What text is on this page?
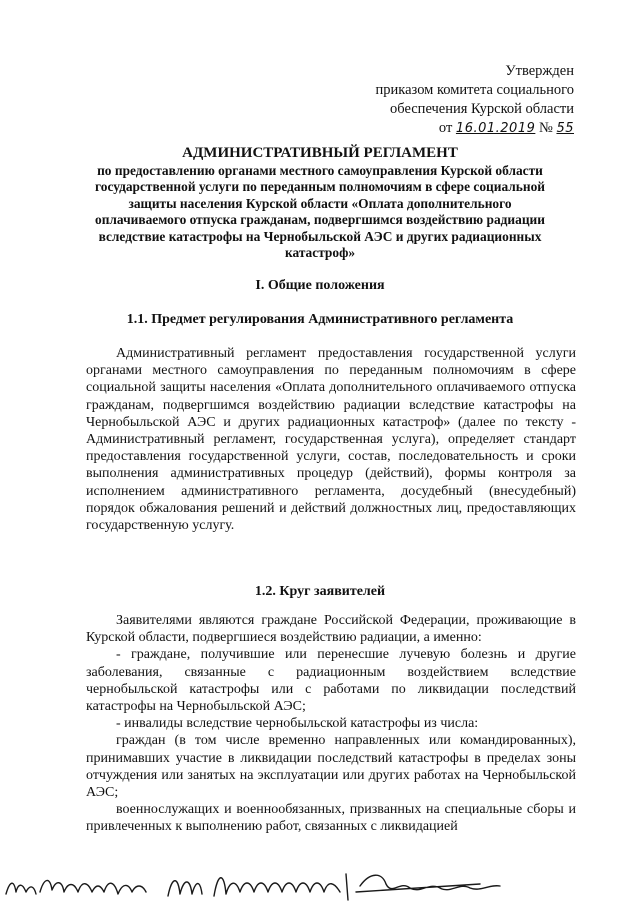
Утвержден
приказом комитета социального
обеспечения Курской области
от 16.01.2019 № 55
АДМИНИСТРАТИВНЫЙ РЕГЛАМЕНТ
по предоставлению органами местного самоуправления Курской области государственной услуги по переданным полномочиям в сфере социальной защиты населения Курской области «Оплата дополнительного оплачиваемого отпуска гражданам, подвергшимся воздействию радиации вследствие катастрофы на Чернобыльской АЭС и других радиационных катастроф»
I. Общие положения
1.1. Предмет регулирования Административного регламента

Административный регламент предоставления государственной услуги органами местного самоуправления по переданным полномочиям в сфере социальной защиты населения «Оплата дополнительного оплачиваемого отпуска гражданам, подвергшимся воздействию радиации вследствие катастрофы на Чернобыльской АЭС и других радиационных катастроф» (далее по тексту - Административный регламент, государственная услуга), определяет стандарт предоставления государственной услуги, состав, последовательность и сроки выполнения административных процедур (действий), формы контроля за исполнением административного регламента, досудебный (внесудебный) порядок обжалования решений и действий должностных лиц, предоставляющих государственную услугу.

1.2. Круг заявителей

Заявителями являются граждане Российской Федерации, проживающие в Курской области, подвергшиеся воздействию радиации, а именно:

- граждане, получившие или перенесшие лучевую болезнь и другие заболевания, связанные с радиационным воздействием вследствие чернобыльской катастрофы или с работами по ликвидации последствий катастрофы на Чернобыльской АЭС;

- инвалиды вследствие чернобыльской катастрофы из числа:

граждан (в том числе временно направленных или командированных), принимавших участие в ликвидации последствий катастрофы в пределах зоны отчуждения или занятых на эксплуатации или других работах на Чернобыльской АЭС;

военнослужащих и военнообязанных, призванных на специальные сборы и привлеченных к выполнению работ, связанных с ликвидацией
